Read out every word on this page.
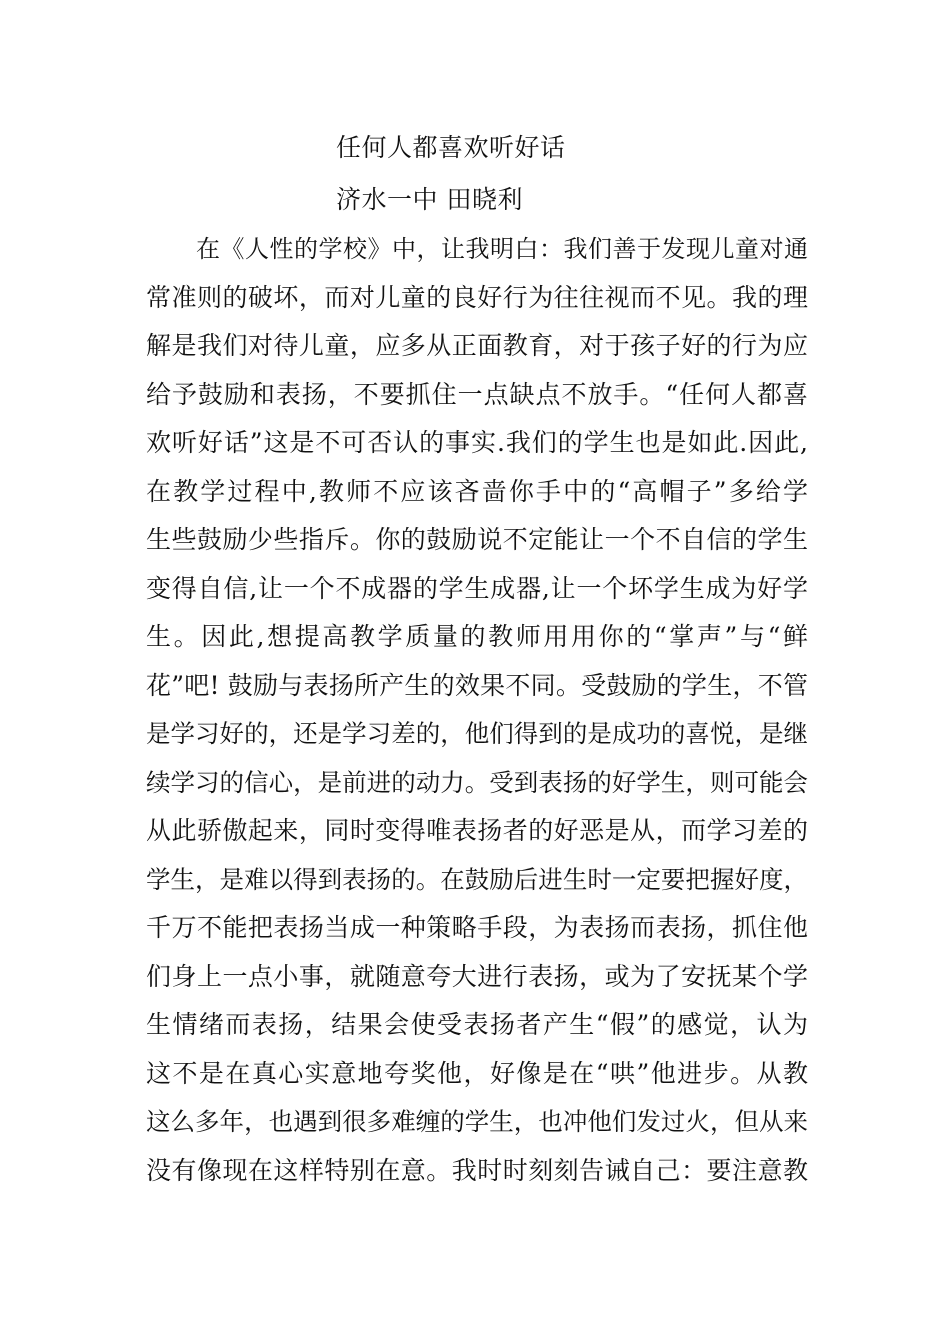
任何人都喜欢听好话
济水一中 田晓利
在《人性的学校》中，让我明白：我们善于发现儿童对通
常准则的破坏，而对儿童的良好行为往往视而不见。我的理
解是我们对待儿童，应多从正面教育，对于孩子好的行为应
给予鼓励和表扬，不要抓住一点缺点不放手。“任何人都喜
欢听好话”这是不可否认的事实.我们的学生也是如此.因此,
在教学过程中,教师不应该吝啬你手中的“高帽子”多给学
生些鼓励少些指斥。你的鼓励说不定能让一个不自信的学生
变得自信,让一个不成器的学生成器,让一个坏学生成为好学
生。因此,想提高教学质量的教师用用你的“掌声”与“鲜
花”吧! 鼓励与表扬所产生的效果不同。受鼓励的学生，不管
是学习好的，还是学习差的，他们得到的是成功的喜悦，是继
续学习的信心，是前进的动力。受到表扬的好学生，则可能会
从此骄傲起来，同时变得唯表扬者的好恶是从，而学习差的
学生，是难以得到表扬的。在鼓励后进生时一定要把握好度，
千万不能把表扬当成一种策略手段，为表扬而表扬，抓住他
们身上一点小事，就随意夸大进行表扬，或为了安抚某个学
生情绪而表扬，结果会使受表扬者产生“假”的感觉，认为
这不是在真心实意地夸奖他，好像是在“哄”他进步。从教
这么多年，也遇到很多难缠的学生，也冲他们发过火，但从来
没有像现在这样特别在意。我时时刻刻告诫自己：要注意教
